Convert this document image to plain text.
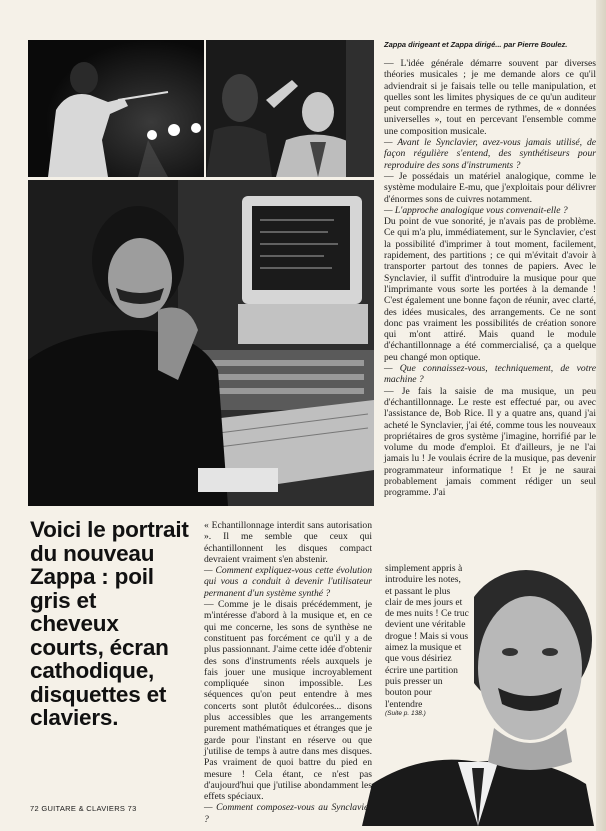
Zappa dirigeant et Zappa dirigé... par Pierre Boulez.

— L'idée générale démarre souvent par diverses théories musicales ; je me demande alors ce qu'il adviendrait si je faisais telle ou telle manipulation, et quelles sont les limites physiques de ce qu'un auditeur peut comprendre en termes de rythmes, de « données universelles », tout en percevant l'ensemble comme une composition musicale.

— Avant le Synclavier, avez-vous jamais utilisé, de façon régulière s'entend, des synthétiseurs pour reproduire des sons d'instruments ?

— Je possédais un matériel analogique, comme le système modulaire E-mu, que j'exploitais pour délivrer d'énormes sons de cuivres notamment.

— L'approche analogique vous convenait-elle ?

Du point de vue sonorité, je n'avais pas de problème. Ce qui m'a plu, immédiatement, sur le Synclavier, c'est la possibilité d'imprimer à tout moment, facilement, rapidement, des partitions ; ce qui m'évitait d'avoir à transporter partout des tonnes de papiers. Avec le Synclavier, il suffit d'introduire la musique pour que l'imprimante vous sorte les portées à la demande ! C'est également une bonne façon de réunir, avec clarté, des idées musicales, des arrangements. Ce ne sont donc pas vraiment les possibilités de création sonore qui m'ont attiré. Mais quand le module d'échantillonnage a été commercialisé, ça a quelque peu changé mon optique.

— Que connaissez-vous, techniquement, de votre machine ?

— Je fais la saisie de ma musique, un peu d'échantillonnage. Le reste est effectué par, ou avec l'assistance de, Bob Rice. Il y a quatre ans, quand j'ai acheté le Synclavier, j'ai été, comme tous les nouveaux propriétaires de gros système j'imagine, horrifié par le volume du mode d'emploi. Et d'ailleurs, je ne l'ai jamais lu ! Je voulais écrire de la musique, pas devenir programmateur informatique ! Et je ne saurai probablement jamais comment rédiger un seul programme. J'ai

simplement appris à introduire les notes, et passant le plus clair de mes jours et de mes nuits ! Ce truc devient une véritable drogue ! Mais si vous aimez la musique et que vous désiriez écrire une partition puis presser un bouton pour l'entendre
(Suite p. 138.)
Voici le portrait du nouveau Zappa : poil gris et cheveux courts, écran cathodique, disquettes et claviers.

« Echantillonnage interdit sans autorisation ». Il me semble que ceux qui échantillonnent les disques compact devraient vraiment s'en abstenir.

— Comment expliquez-vous cette évolution qui vous a conduit à devenir l'utilisateur permanent d'un système synthé ?

— Comme je le disais précédemment, je m'intéresse d'abord à la musique et, en ce qui me concerne, les sons de synthèse ne constituent pas forcément ce qu'il y a de plus passionnant. J'aime cette idée d'obtenir des sons d'instruments réels auxquels je fais jouer une musique incroyablement compliquée sinon impossible. Les séquences qu'on peut entendre à mes concerts sont plutôt édulcorées... disons plus accessibles que les arrangements purement mathématiques et étranges que je garde pour l'instant en réserve ou que j'utilise de temps à autre dans mes disques. Pas vraiment de quoi battre du pied en mesure ! Cela étant, ce n'est pas d'aujourd'hui que j'utilise abondamment les effets spéciaux.

— Comment composez-vous au Synclavier ?

72 GUITARE & CLAVIERS 73
